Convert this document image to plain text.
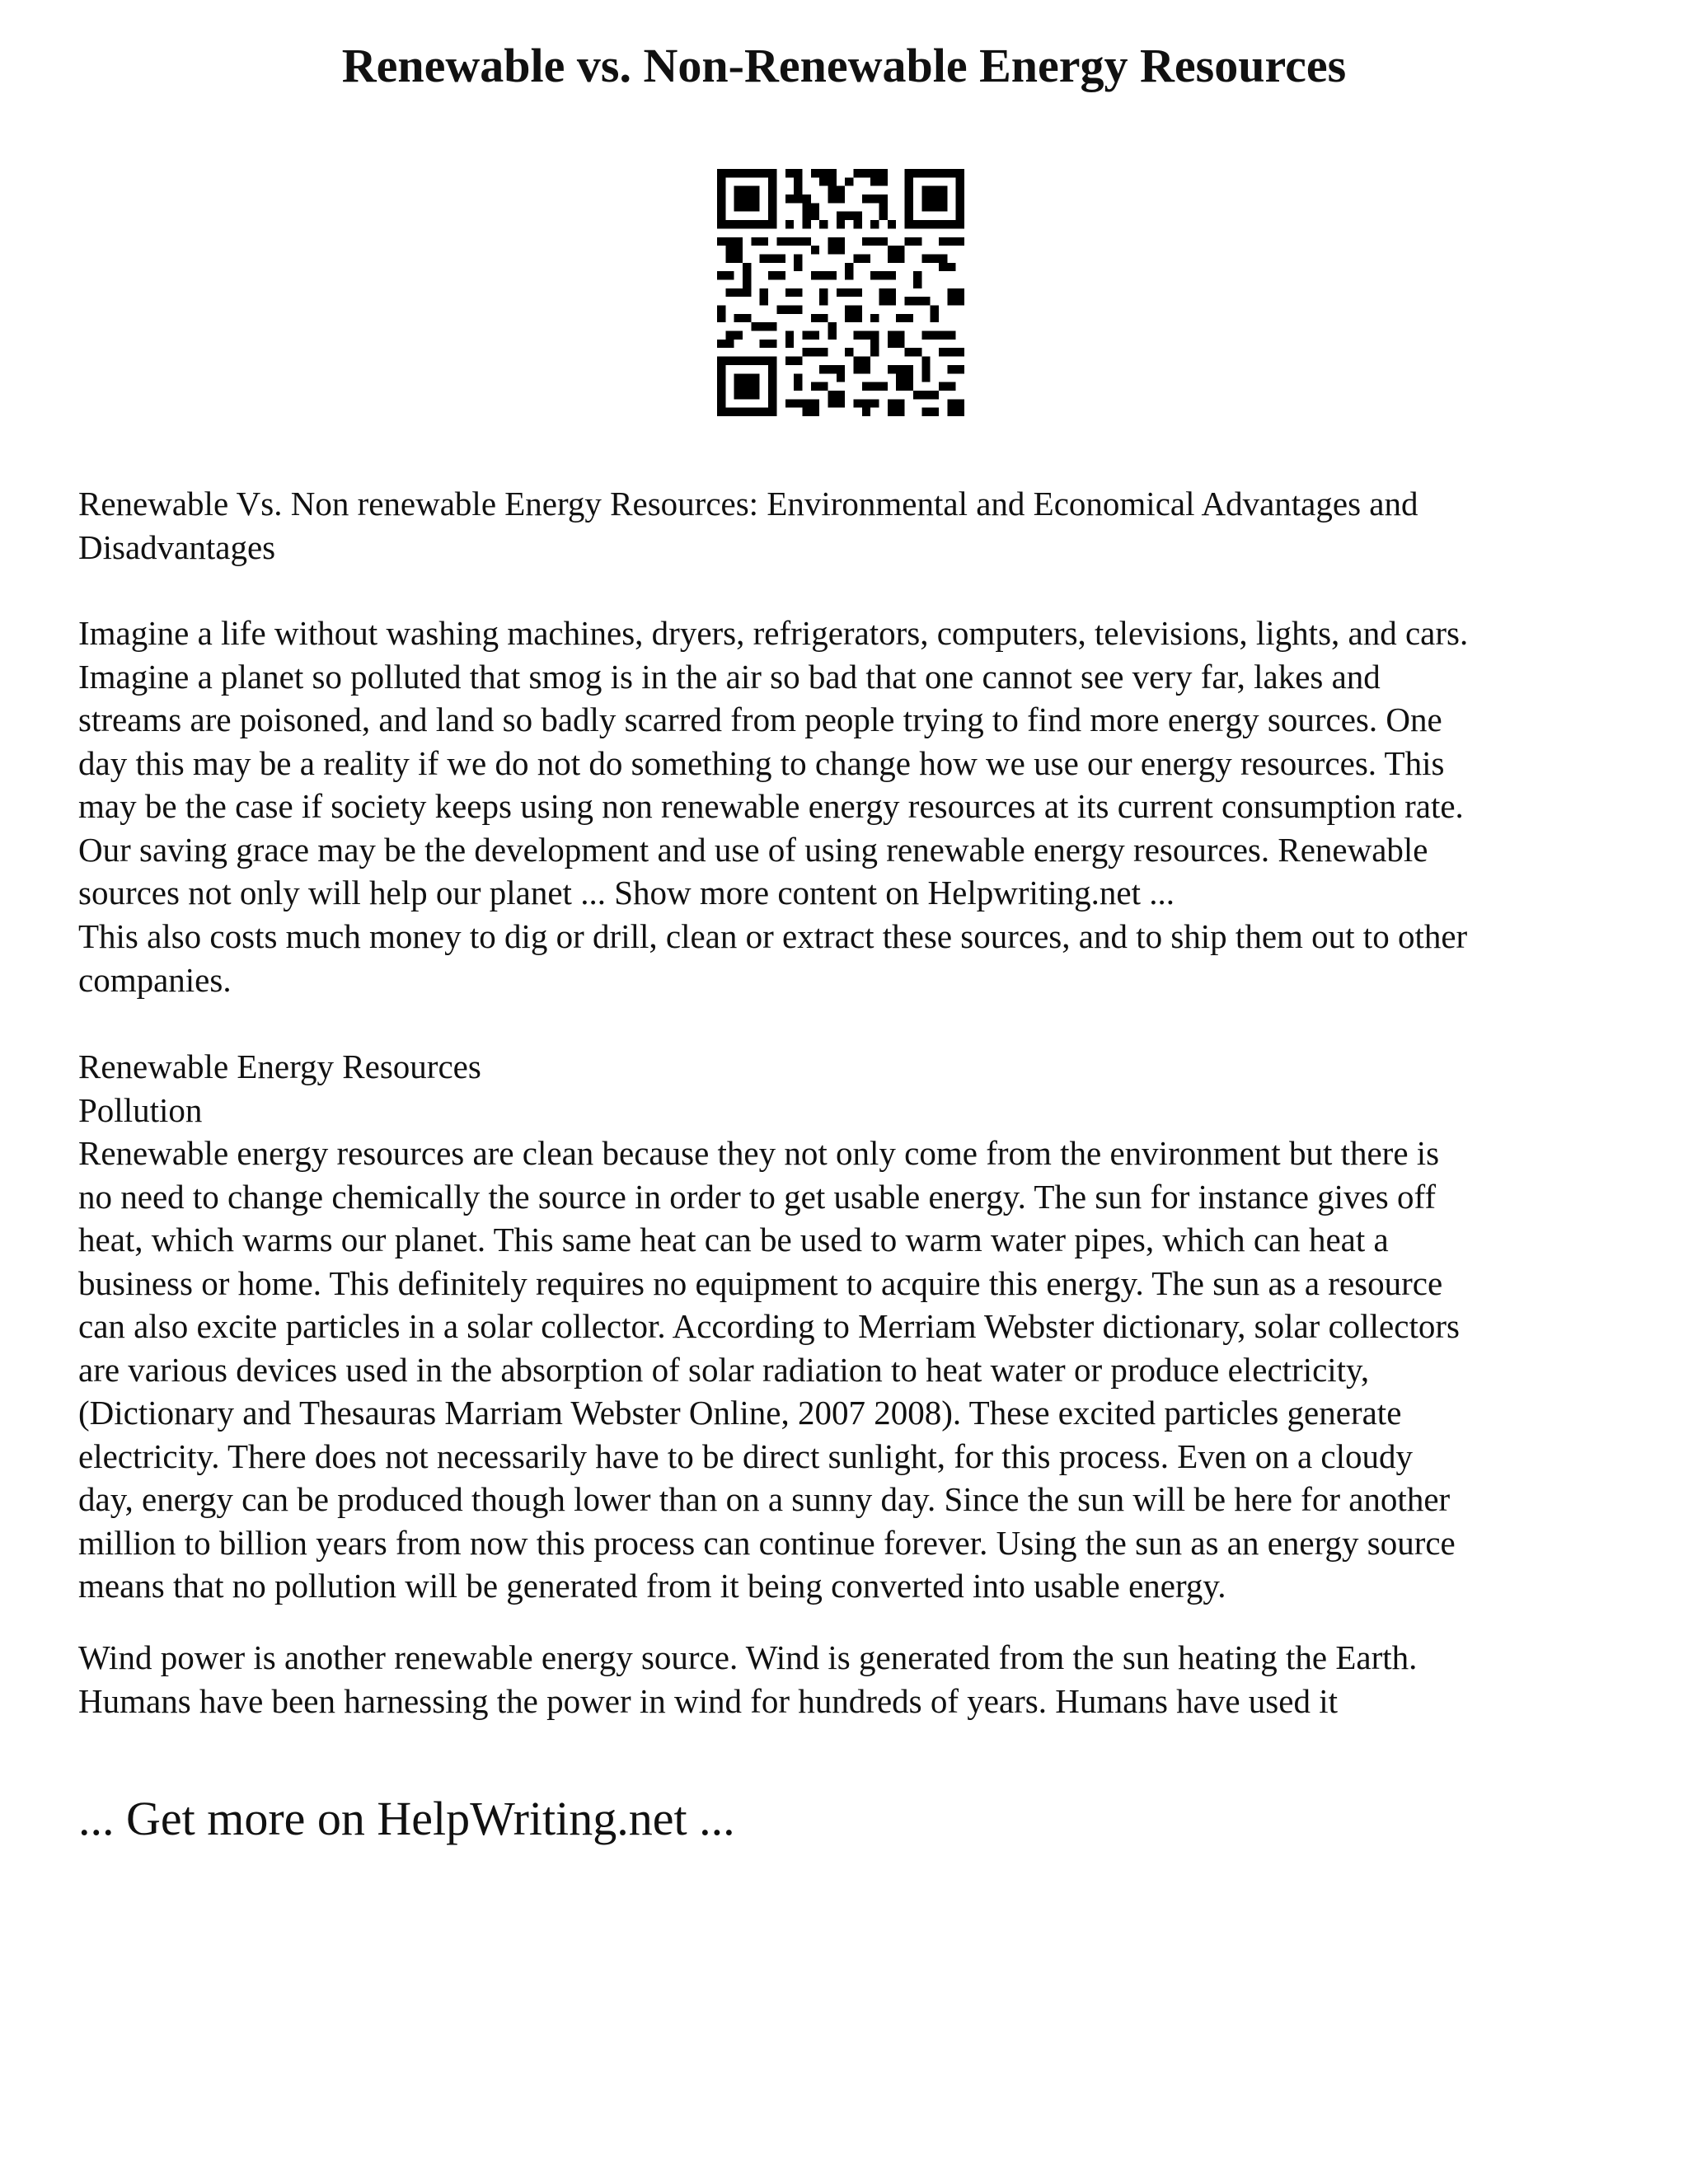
Renewable vs. Non-Renewable Energy Resources

Renewable Vs. Non renewable Energy Resources: Environmental and Economical Advantages and
Disadvantages

Imagine a life without washing machines, dryers, refrigerators, computers, televisions, lights, and cars.
Imagine a planet so polluted that smog is in the air so bad that one cannot see very far, lakes and
streams are poisoned, and land so badly scarred from people trying to find more energy sources. One
day this may be a reality if we do not do something to change how we use our energy resources. This
may be the case if society keeps using non renewable energy resources at its current consumption rate.
Our saving grace may be the development and use of using renewable energy resources. Renewable
sources not only will help our planet ... Show more content on Helpwriting.net ...

This also costs much money to dig or drill, clean or extract these sources, and to ship them out to other
companies.

Renewable Energy Resources
Pollution
Renewable energy resources are clean because they not only come from the environment but there is
no need to change chemically the source in order to get usable energy. The sun for instance gives off
heat, which warms our planet. This same heat can be used to warm water pipes, which can heat a
business or home. This definitely requires no equipment to acquire this energy. The sun as a resource
can also excite particles in a solar collector. According to Merriam Webster dictionary, solar collectors
are various devices used in the absorption of solar radiation to heat water or produce electricity,
(Dictionary and Thesauras Marriam Webster Online, 2007 2008). These excited particles generate
electricity. There does not necessarily have to be direct sunlight, for this process. Even on a cloudy
day, energy can be produced though lower than on a sunny day. Since the sun will be here for another
million to billion years from now this process can continue forever. Using the sun as an energy source
means that no pollution will be generated from it being converted into usable energy.

Wind power is another renewable energy source. Wind is generated from the sun heating the Earth.
Humans have been harnessing the power in wind for hundreds of years. Humans have used it

... Get more on HelpWriting.net ...
